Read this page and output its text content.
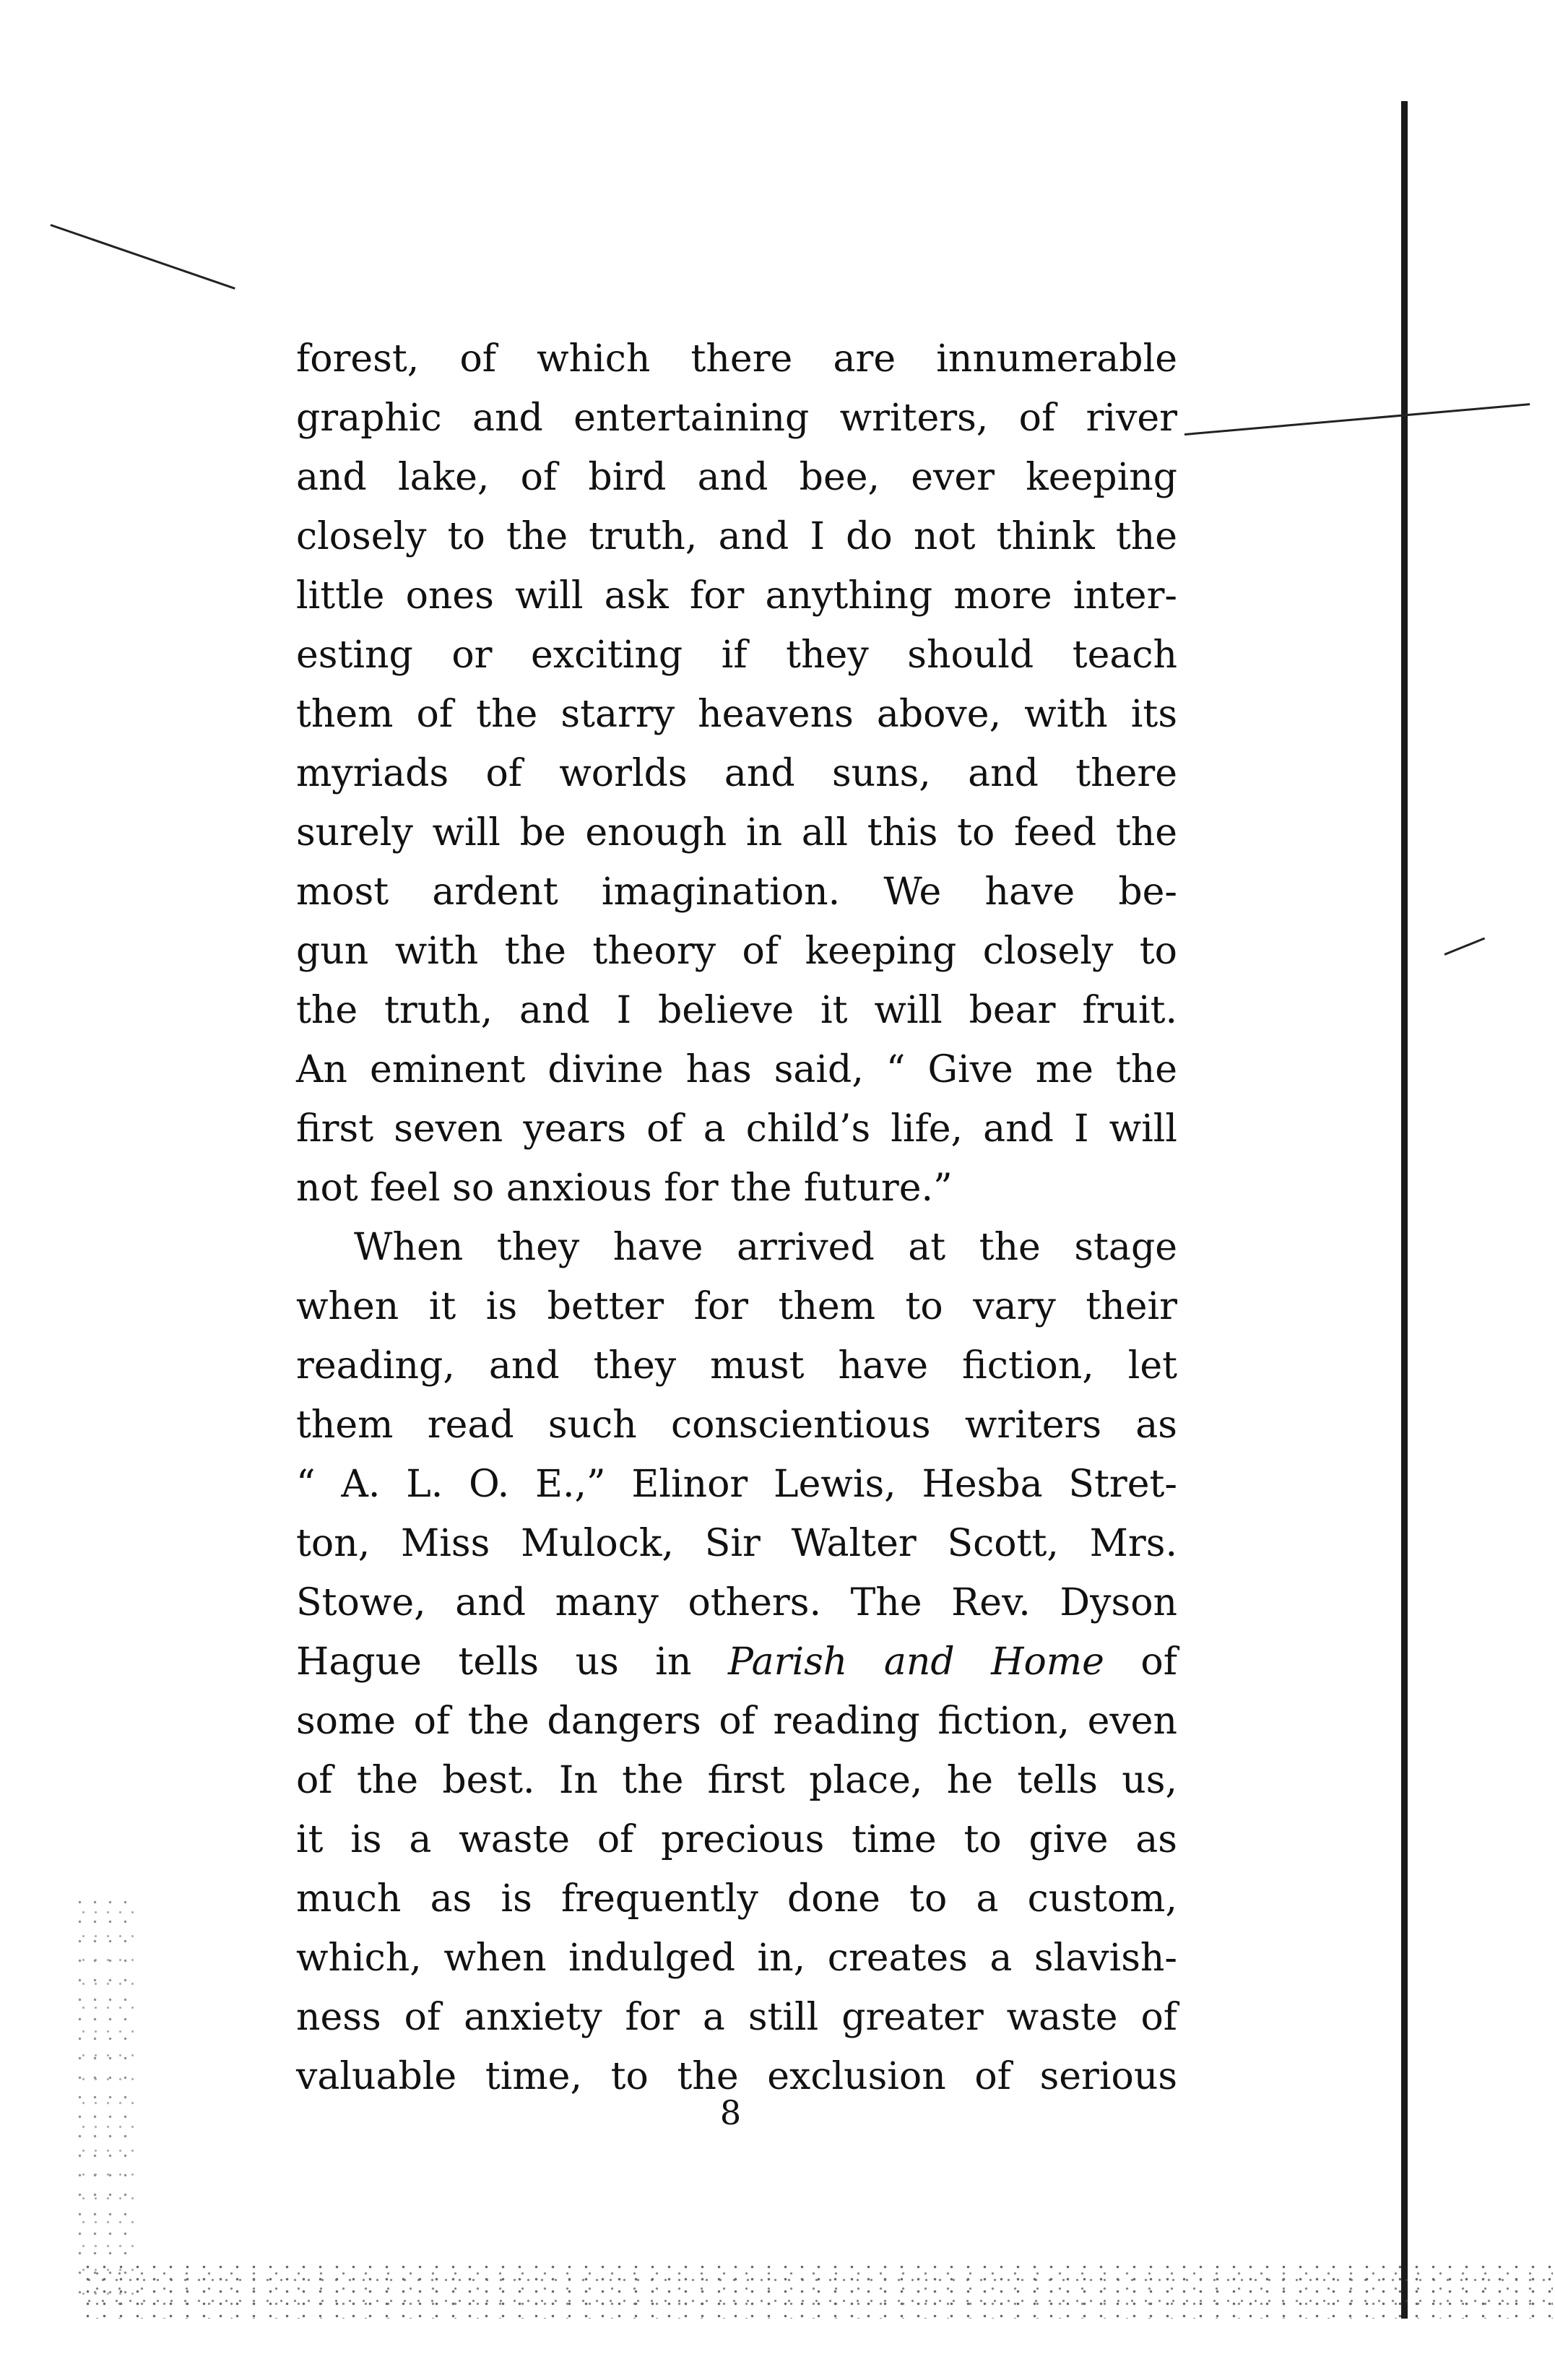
forest, of which there are innumerable
graphic and entertaining writers, of river
and lake, of bird and bee, ever keeping
closely to the truth, and I do not think the
little ones will ask for anything more inter-
esting or exciting if they should teach
them of the starry heavens above, with its
myriads of worlds and suns, and there
surely will be enough in all this to feed the
most ardent imagination. We have be-
gun with the theory of keeping closely to
the truth, and I believe it will bear fruit.
An eminent divine has said, “ Give me the
first seven years of a child’s life, and I will
not feel so anxious for the future.”
When they have arrived at the stage
when it is better for them to vary their
reading, and they must have fiction, let
them read such conscientious writers as
“ A. L. O. E.,” Elinor Lewis, Hesba Stret-
ton, Miss Mulock, Sir Walter Scott, Mrs.
Stowe, and many others. The Rev. Dyson
Hague tells us in Parish and Home of
some of the dangers of reading fiction, even
of the best. In the first place, he tells us,
it is a waste of precious time to give as
much as is frequently done to a custom,
which, when indulged in, creates a slavish-
ness of anxiety for a still greater waste of
valuable time, to the exclusion of serious
8
